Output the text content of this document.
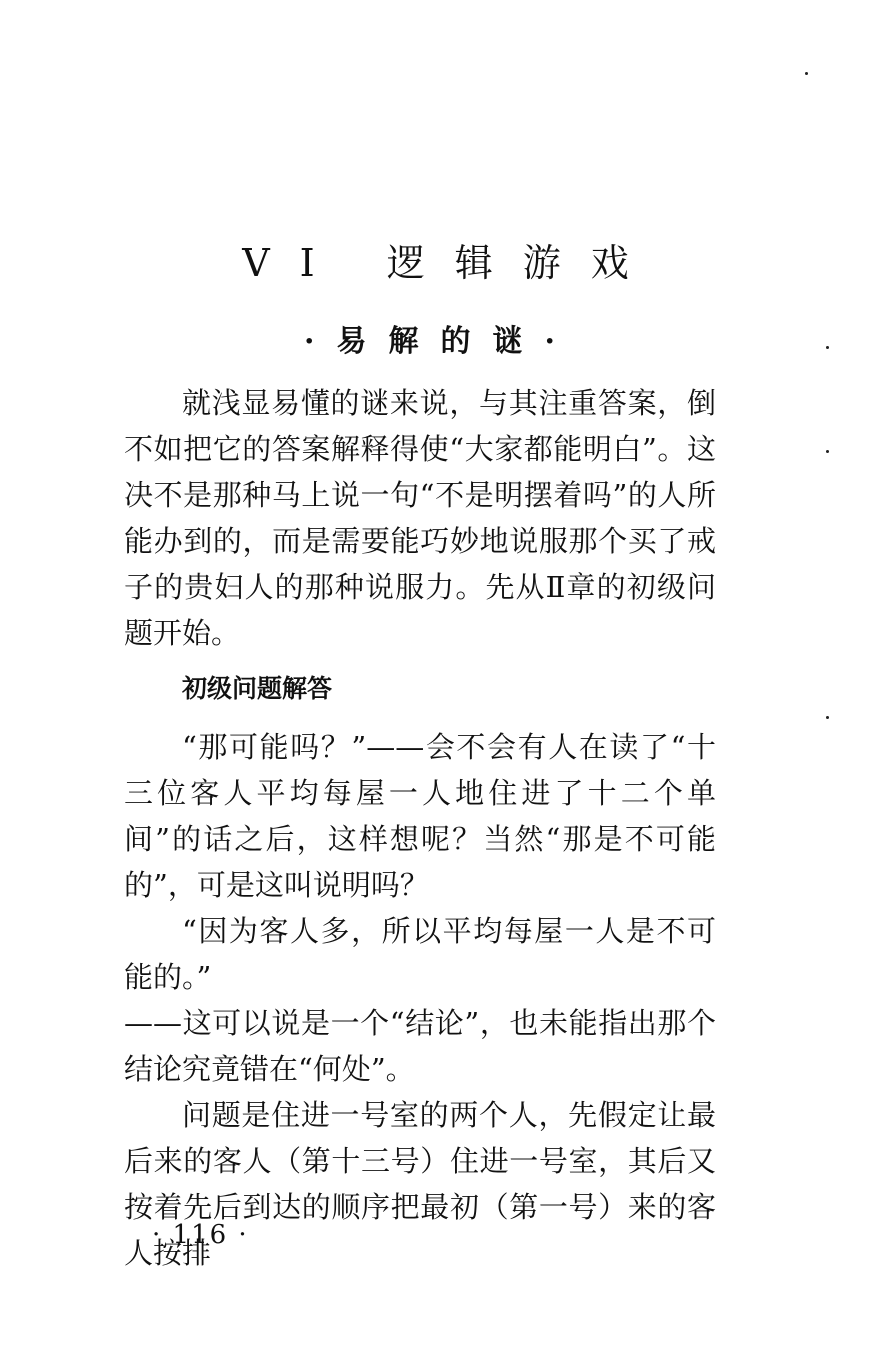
VI 逻辑游戏
·易解的谜·

就浅显易懂的谜来说，与其注重答案，倒不如把它的答案解释得使“大家都能明白”。这决不是那种马上说一句“不是明摆着吗”的人所能办到的，而是需要能巧妙地说服那个买了戒子的贵妇人的那种说服力。先从Ⅱ章的初级问题开始。

初级问题解答

“那可能吗？”——会不会有人在读了“十三位客人平均每屋一人地住进了十二个单间”的话之后，这样想呢？当然“那是不可能的”，可是这叫说明吗？

“因为客人多，所以平均每屋一人是不可能的。”

——这可以说是一个“结论”，也未能指出那个结论究竟错在“何处”。

问题是住进一号室的两个人，先假定让最后来的客人（第十三号）住进一号室，其后又按着先后到达的顺序把最初（第一号）来的客人按排

· 116 ·
